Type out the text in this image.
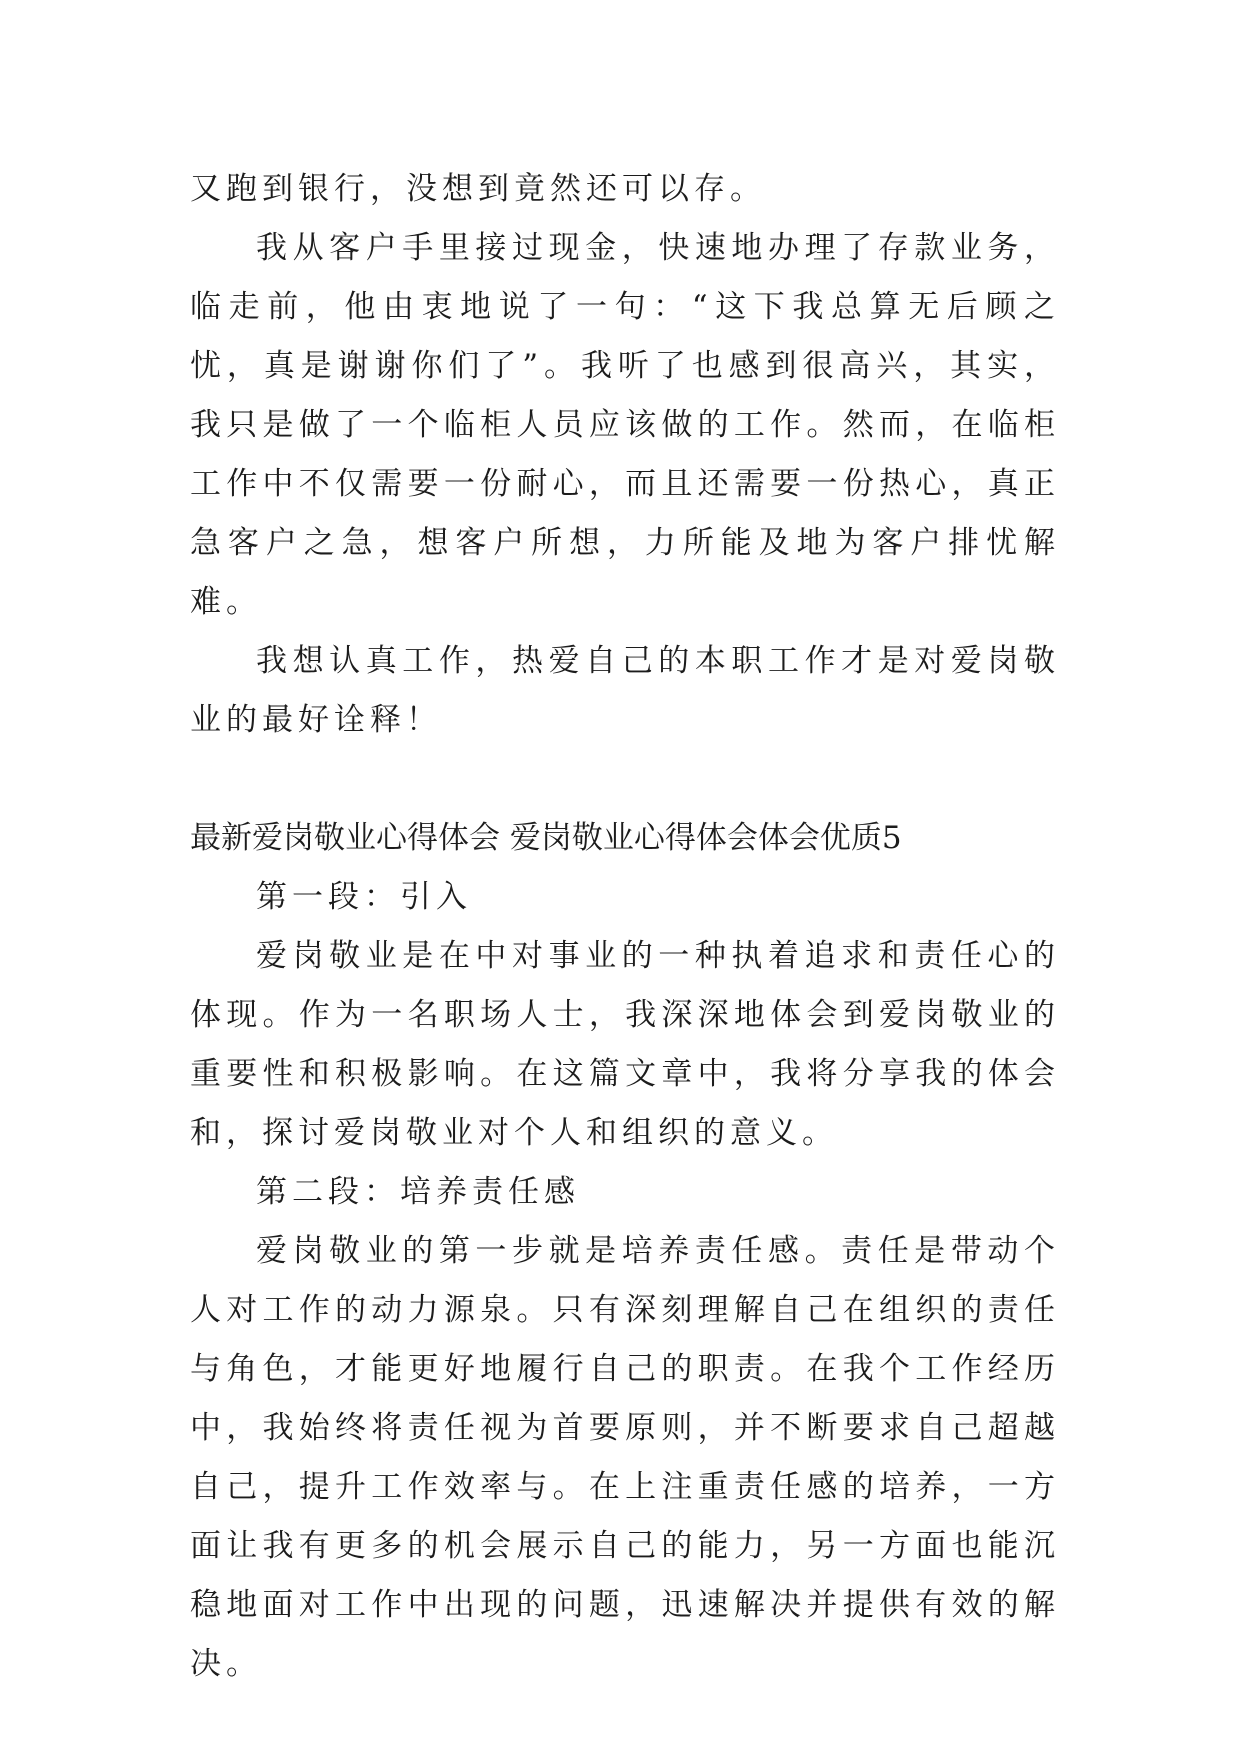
又跑到银行，没想到竟然还可以存。

我从客户手里接过现金，快速地办理了存款业务，临走前，他由衷地说了一句：“这下我总算无后顾之忧，真是谢谢你们了”。我听了也感到很高兴，其实，我只是做了一个临柜人员应该做的工作。然而，在临柜工作中不仅需要一份耐心，而且还需要一份热心，真正急客户之急，想客户所想，力所能及地为客户排忧解难。

我想认真工作，热爱自己的本职工作才是对爱岗敬业的最好诠释！

最新爱岗敬业心得体会 爱岗敬业心得体会体会优质5

第一段：引入

爱岗敬业是在中对事业的一种执着追求和责任心的体现。作为一名职场人士，我深深地体会到爱岗敬业的重要性和积极影响。在这篇文章中，我将分享我的体会和，探讨爱岗敬业对个人和组织的意义。

第二段：培养责任感

爱岗敬业的第一步就是培养责任感。责任是带动个人对工作的动力源泉。只有深刻理解自己在组织的责任与角色，才能更好地履行自己的职责。在我个工作经历中，我始终将责任视为首要原则，并不断要求自己超越自己，提升工作效率与。在上注重责任感的培养，一方面让我有更多的机会展示自己的能力，另一方面也能沉稳地面对工作中出现的问题，迅速解决并提供有效的解决。
